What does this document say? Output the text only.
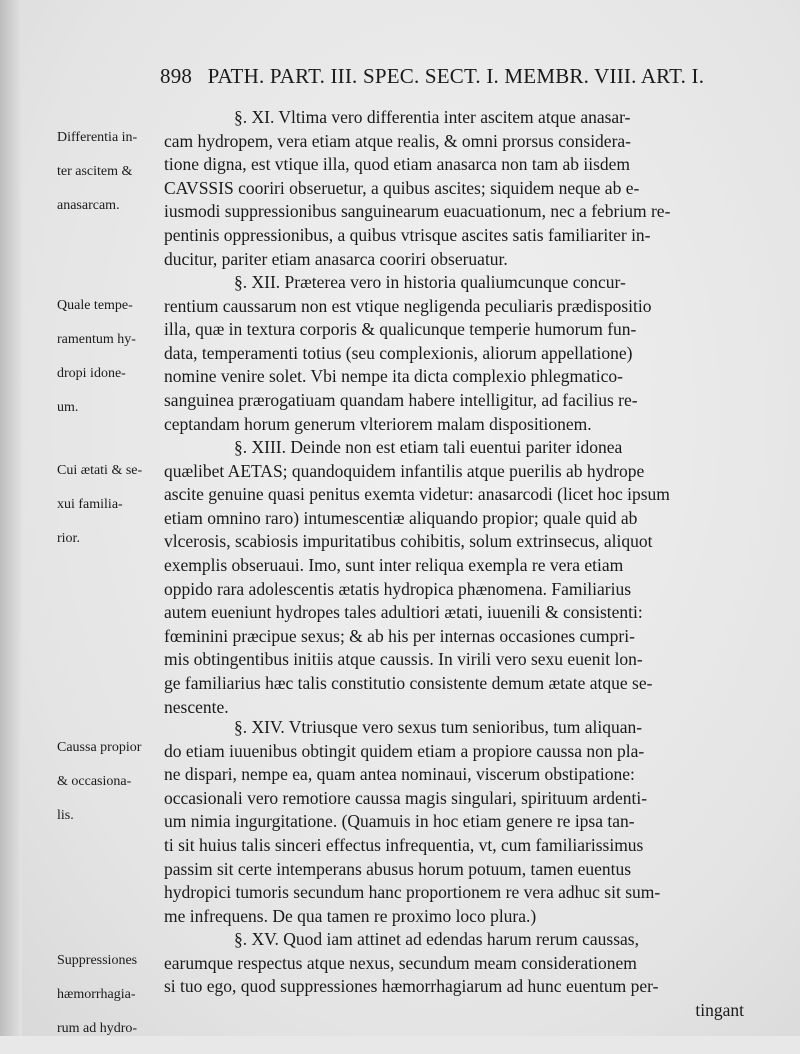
898 PATH. PART. III. SPEC. SECT. I. MEMBR. VIII. ART. I.

Differentia in-

ter ascitem &

anasarcam.

Quale tempe-

ramentum hy-

dropi idone-

um.

Cui ætati & se-

xui familia-

rior.

Caussa propior

& occasiona-

lis.

Suppressiones

hæmorrhagia-

rum ad hydro-

§. XI. Vltima vero differentia inter ascitem atque anasar-
cam hydropem, vera etiam atque realis, & omni prorsus considera-
tione digna, est vtique illa, quod etiam anasarca non tam ab iisdem
CAVSSIS cooriri obseruetur, a quibus ascites; siquidem neque ab e-
iusmodi suppressionibus sanguinearum euacuationum, nec a febrium re-
pentinis oppressionibus, a quibus vtrisque ascites satis familiariter in-
ducitur, pariter etiam anasarca cooriri obseruatur.
§. XII. Præterea vero in historia qualiumcunque concur-
rentium caussarum non est vtique negligenda peculiaris prædispositio
illa, quæ in textura corporis & qualicunque temperie humorum fun-
data, temperamenti totius (seu complexionis, aliorum appellatione)
nomine venire solet. Vbi nempe ita dicta complexio phlegmatico-
sanguinea prærogatiuam quandam habere intelligitur, ad facilius re-
ceptandam horum generum vlteriorem malam dispositionem.
§. XIII. Deinde non est etiam tali euentui pariter idonea
quælibet AETAS; quandoquidem infantilis atque puerilis ab hydrope
ascite genuine quasi penitus exemta videtur: anasarcodi (licet hoc ipsum
etiam omnino raro) intumescentiæ aliquando propior; quale quid ab
vlcerosis, scabiosis impuritatibus cohibitis, solum extrinsecus, aliquot
exemplis obseruaui. Imo, sunt inter reliqua exempla re vera etiam
oppido rara adolescentis ætatis hydropica phænomena. Familiarius
autem eueniunt hydropes tales adultiori ætati, iuuenili & consistenti:
fœminini præcipue sexus; & ab his per internas occasiones cumpri-
mis obtingentibus initiis atque caussis. In virili vero sexu euenit lon-
ge familiarius hæc talis constitutio consistente demum ætate atque se-
nescente.
§. XIV. Vtriusque vero sexus tum senioribus, tum aliquan-
do etiam iuuenibus obtingit quidem etiam a propiore caussa non pla-
ne dispari, nempe ea, quam antea nominaui, viscerum obstipatione:
occasionali vero remotiore caussa magis singulari, spirituum ardenti-
um nimia ingurgitatione. (Quamuis in hoc etiam genere re ipsa tan-
ti sit huius talis sinceri effectus infrequentia, vt, cum familiarissimus
passim sit certe intemperans abusus horum potuum, tamen euentus
hydropici tumoris secundum hanc proportionem re vera adhuc sit sum-
me infrequens. De qua tamen re proximo loco plura.)
§. XV. Quod iam attinet ad edendas harum rerum caussas,
earumque respectus atque nexus, secundum meam considerationem
si tuo ego, quod suppressiones hæmorrhagiarum ad hunc euentum per-
tingant
